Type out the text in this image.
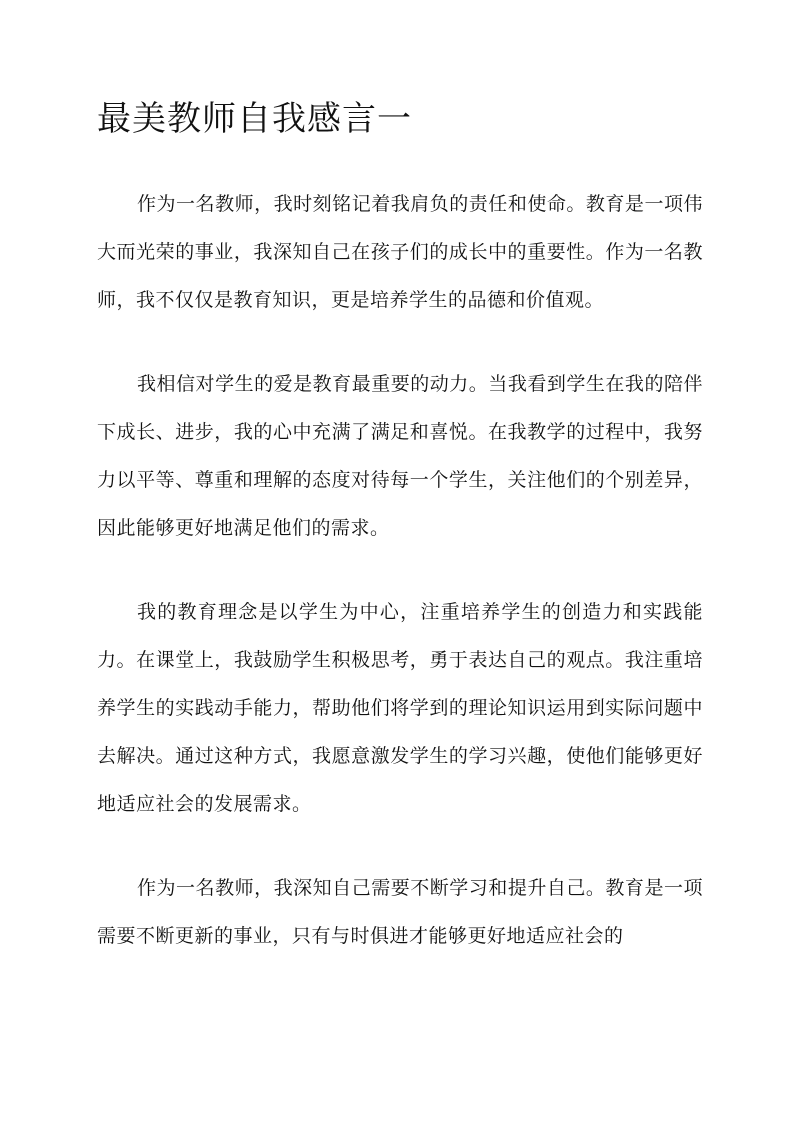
最美教师自我感言一

作为一名教师，我时刻铭记着我肩负的责任和使命。教育是一项伟大而光荣的事业，我深知自己在孩子们的成长中的重要性。作为一名教师，我不仅仅是教育知识，更是培养学生的品德和价值观。

我相信对学生的爱是教育最重要的动力。当我看到学生在我的陪伴下成长、进步，我的心中充满了满足和喜悦。在我教学的过程中，我努力以平等、尊重和理解的态度对待每一个学生，关注他们的个别差异，因此能够更好地满足他们的需求。

我的教育理念是以学生为中心，注重培养学生的创造力和实践能力。在课堂上，我鼓励学生积极思考，勇于表达自己的观点。我注重培养学生的实践动手能力，帮助他们将学到的理论知识运用到实际问题中去解决。通过这种方式，我愿意激发学生的学习兴趣，使他们能够更好地适应社会的发展需求。

作为一名教师，我深知自己需要不断学习和提升自己。教育是一项需要不断更新的事业，只有与时俱进才能够更好地适应社会的
